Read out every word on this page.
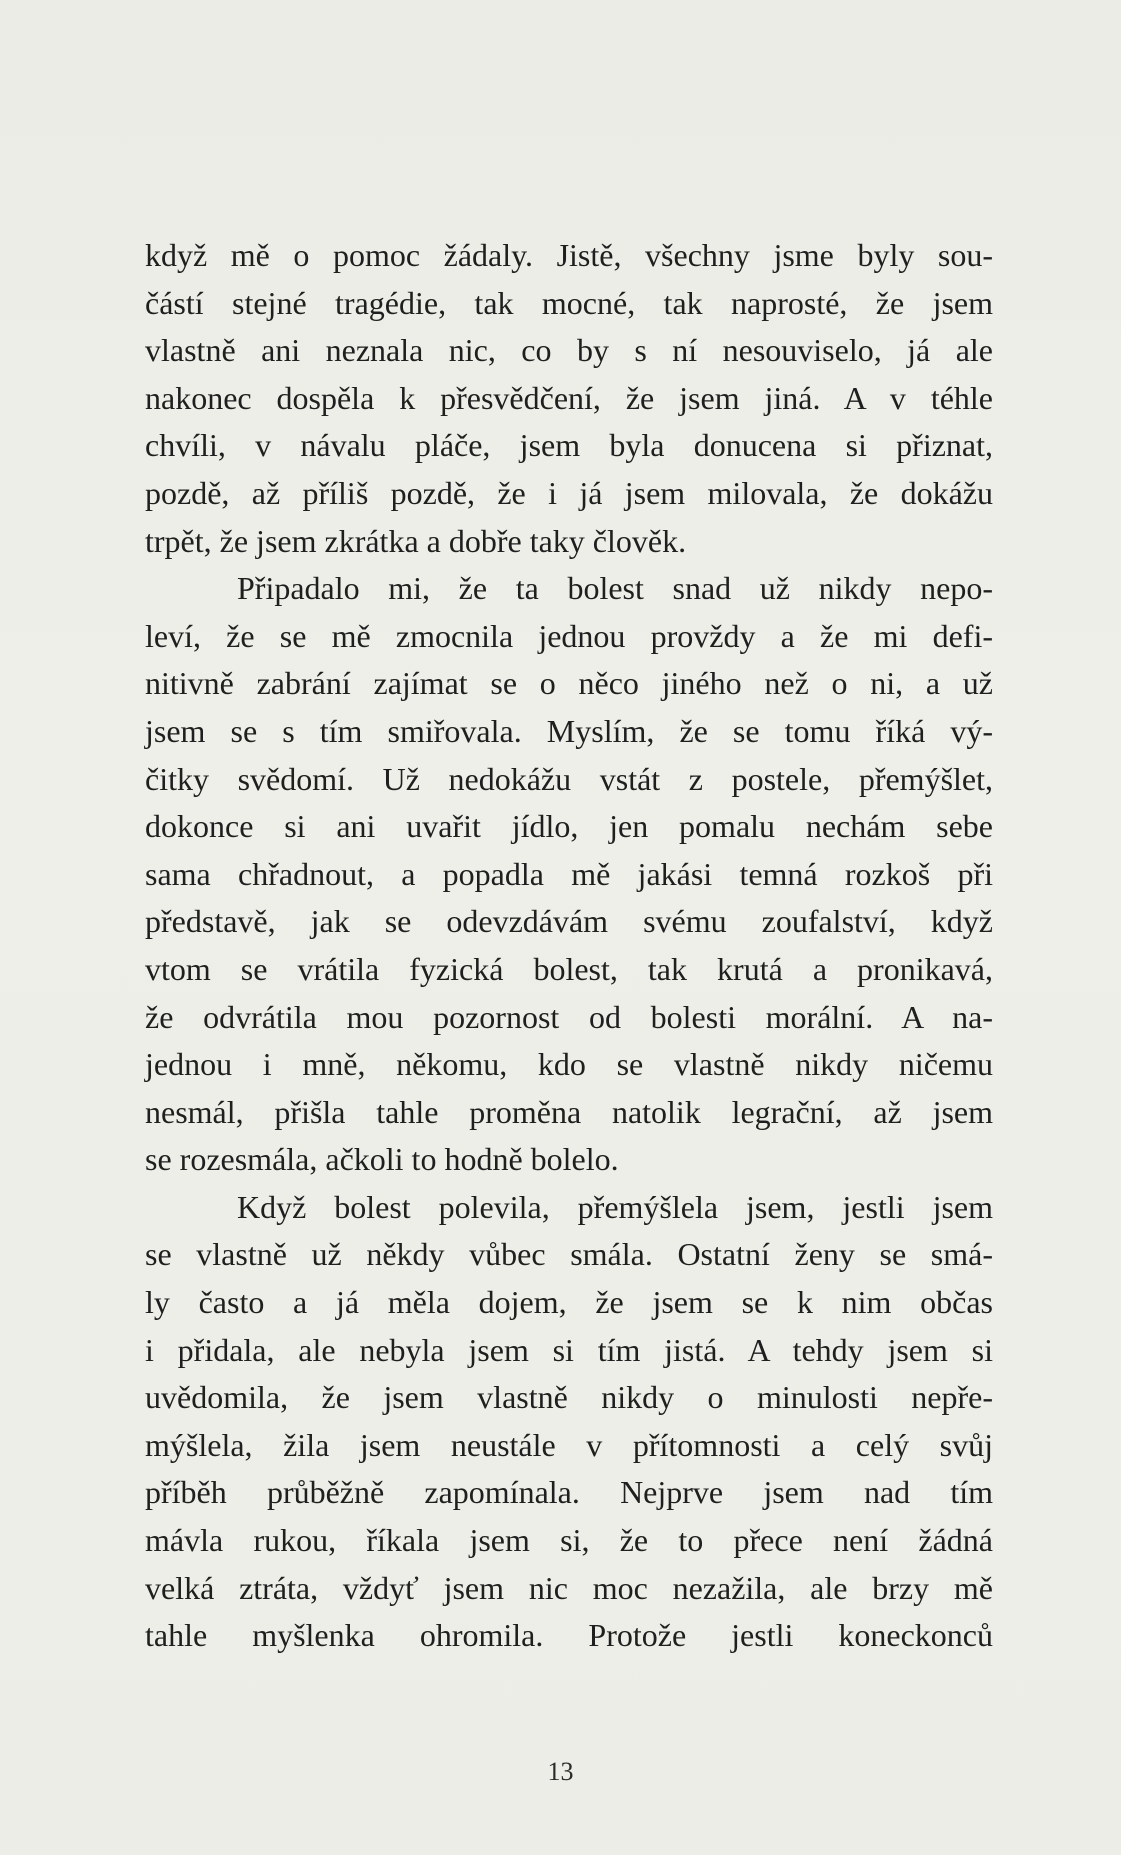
když mě o pomoc žádaly. Jistě, všechny jsme byly sou-
částí stejné tragédie, tak mocné, tak naprosté, že jsem
vlastně ani neznala nic, co by s ní nesouviselo, já ale
nakonec dospěla k přesvědčení, že jsem jiná. A v téhle
chvíli, v návalu pláče, jsem byla donucena si přiznat,
pozdě, až příliš pozdě, že i já jsem milovala, že dokážu
trpět, že jsem zkrátka a dobře taky člověk.
Připadalo mi, že ta bolest snad už nikdy nepo-
leví, že se mě zmocnila jednou provždy a že mi defi-
nitivně zabrání zajímat se o něco jiného než o ni, a už
jsem se s tím smiřovala. Myslím, že se tomu říká vý-
čitky svědomí. Už nedokážu vstát z postele, přemýšlet,
dokonce si ani uvařit jídlo, jen pomalu nechám sebe
sama chřadnout, a popadla mě jakási temná rozkoš při
představě, jak se odevzdávám svému zoufalství, když
vtom se vrátila fyzická bolest, tak krutá a pronikavá,
že odvrátila mou pozornost od bolesti morální. A na-
jednou i mně, někomu, kdo se vlastně nikdy ničemu
nesmál, přišla tahle proměna natolik legrační, až jsem
se rozesmála, ačkoli to hodně bolelo.
Když bolest polevila, přemýšlela jsem, jestli jsem
se vlastně už někdy vůbec smála. Ostatní ženy se smá-
ly často a já měla dojem, že jsem se k nim občas
i přidala, ale nebyla jsem si tím jistá. A tehdy jsem si
uvědomila, že jsem vlastně nikdy o minulosti nepře-
mýšlela, žila jsem neustále v přítomnosti a celý svůj
příběh průběžně zapomínala. Nejprve jsem nad tím
mávla rukou, říkala jsem si, že to přece není žádná
velká ztráta, vždyť jsem nic moc nezažila, ale brzy mě
tahle myšlenka ohromila. Protože jestli koneckonců
13
